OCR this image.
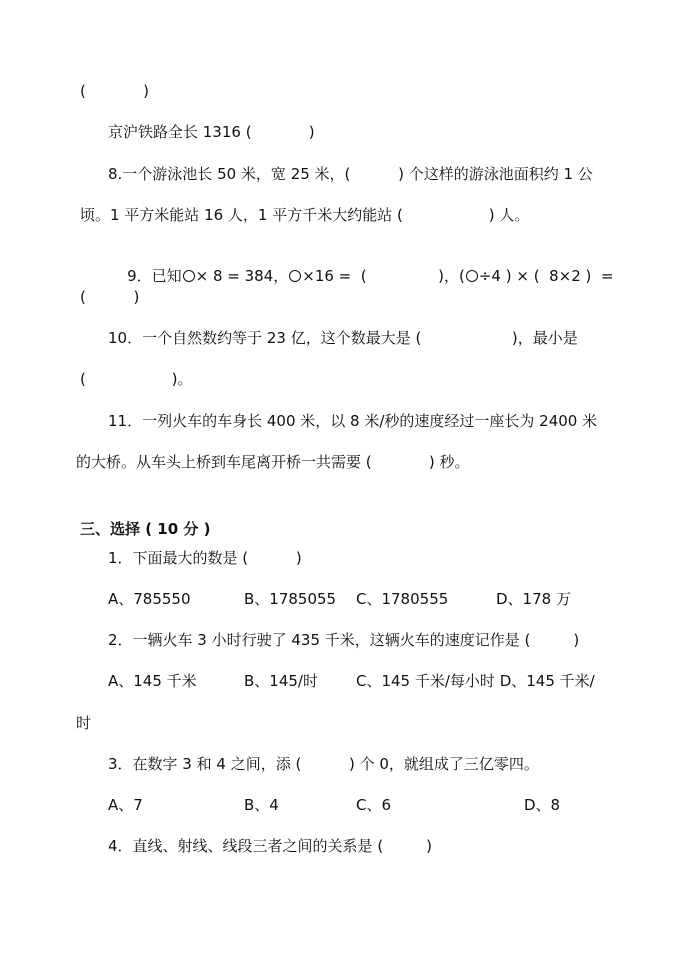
(            )
京沪铁路全长 1316 (            )
8.一个游泳池长 50 米，宽 25 米，(          ) 个这样的游泳池面积约 1 公
顷。1 平方米能站 16 人，1 平方千米大约能站 (                  ) 人。

9．已知 × 8 = 384， ×16 =  (               )，( ÷4 ) × (  8×2 )  =

(          )
10．一个自然数约等于 23 亿，这个数最大是 (                   )，最小是
(                  )。
11．一列火车的车身长 400 米，以 8 米/秒的速度经过一座长为 2400 米
的大桥。从车头上桥到车尾离开桥一共需要 (            ) 秒。
三、选择 ( 10 分 )
1．下面最大的数是 (          )
A、785550	B、1785055 C、1780555	D、178 万
2．一辆火车 3 小时行驶了 435 千米，这辆火车的速度记作是 (         )
A、145 千米	B、145/时	C、145 千米/每小时 D、145 千米/
时
3．在数字 3 和 4 之间，添 (          ) 个 0，就组成了三亿零四。
A、7	B、4	C、6	D、8
4．直线、射线、线段三者之间的关系是 (         )
